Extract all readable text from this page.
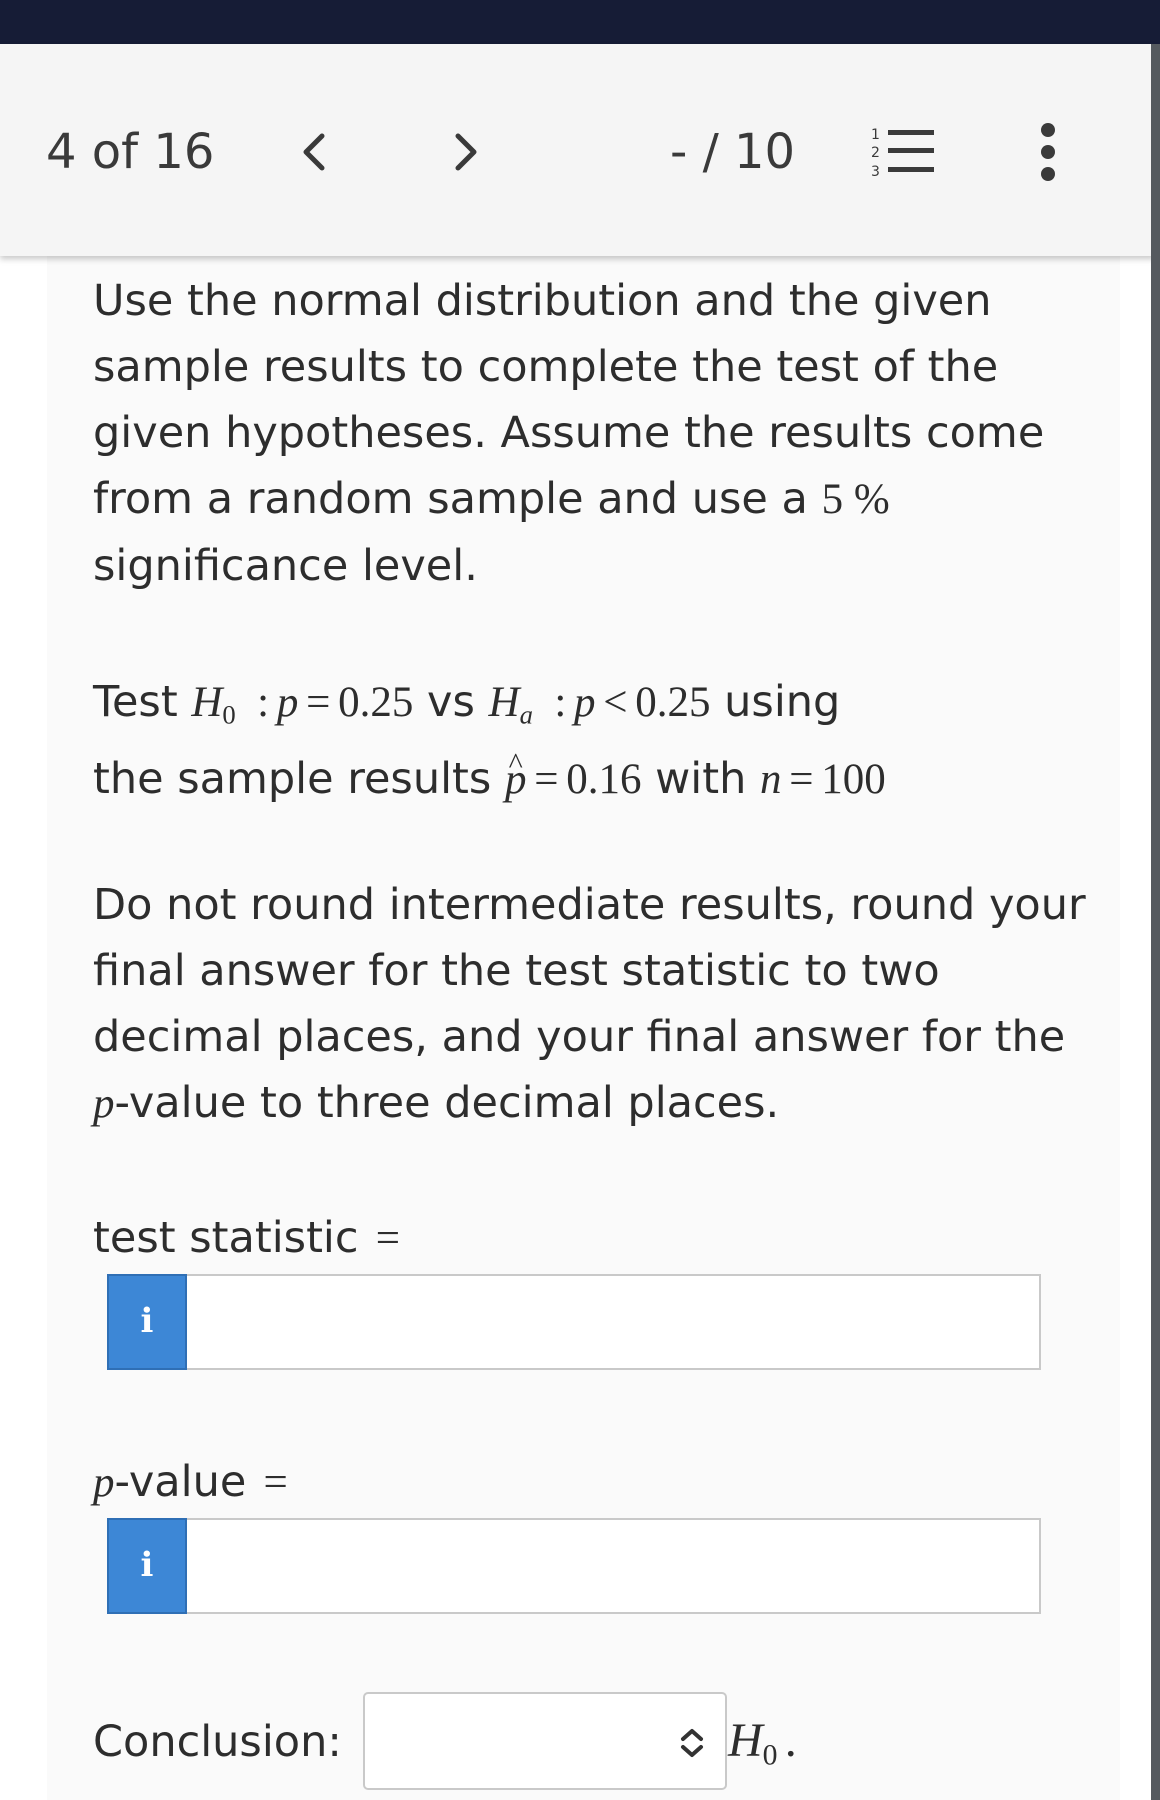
4 of 16	- / 10	1
2
3
Use the normal distribution and the given sample results to complete the test of the given hypotheses. Assume the results come from a random sample and use a 5 % significance level.
Test $H_0$ : p = 0.25 vs $H_a$ : p < 0.25 using
the sample results ^ p = 0.16 with n = 100
Do not round intermediate results, round your final answer for the test statistic to two decimal places, and your final answer for the p-value to three decimal places.
test statistic =
i
p-value =
i
Conclusion:	$H_0$ .
